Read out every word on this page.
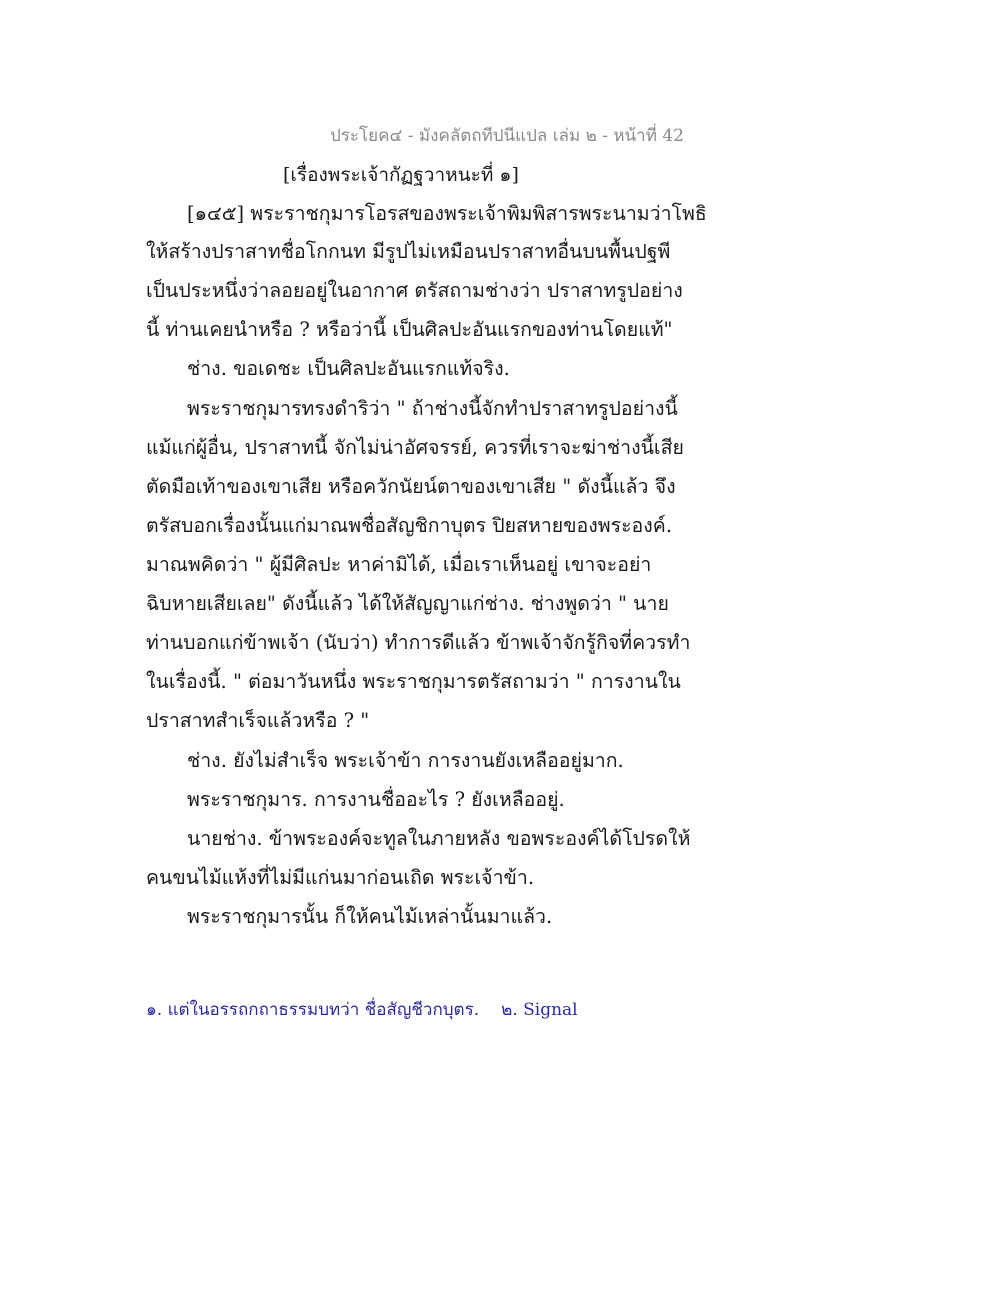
ประโยค๔ - มังคลัตถทีปนีแปล เล่ม ๒ - หน้าที่ 42
[เรื่องพระเจ้ากัฏฐวาหนะที่ ๑]
[๑๔๕] พระราชกุมารโอรสของพระเจ้าพิมพิสารพระนามว่าโพธิ
ให้สร้างปราสาทชื่อโกกนท มีรูปไม่เหมือนปราสาทอื่นบนพื้นปฐพี
เป็นประหนึ่งว่าลอยอยู่ในอากาศ ตรัสถามช่างว่า ปราสาทรูปอย่าง
นี้ ท่านเคยนำหรือ ? หรือว่านี้ เป็นศิลปะอันแรกของท่านโดยแท้"
ช่าง. ขอเดชะ เป็นศิลปะอันแรกแท้จริง.
พระราชกุมารทรงดำริว่า " ถ้าช่างนี้จักทำปราสาทรูปอย่างนี้
แม้แก่ผู้อื่น, ปราสาทนี้ จักไม่น่าอัศจรรย์, ควรที่เราจะฆ่าช่างนี้เสีย
ตัดมือเท้าของเขาเสีย หรือควักนัยน์ตาของเขาเสีย " ดังนี้แล้ว จึง
ตรัสบอกเรื่องนั้นแก่มาณพชื่อสัญชิกาบุตร ปิยสหายของพระองค์.
มาณพคิดว่า " ผู้มีศิลปะ หาค่ามิได้, เมื่อเราเห็นอยู่ เขาจะอย่า
ฉิบหายเสียเลย" ดังนี้แล้ว ได้ให้สัญญาแก่ช่าง. ช่างพูดว่า " นาย
ท่านบอกแก่ข้าพเจ้า (นับว่า) ทำการดีแล้ว ข้าพเจ้าจักรู้กิจที่ควรทำ
ในเรื่องนี้. " ต่อมาวันหนึ่ง พระราชกุมารตรัสถามว่า " การงานใน
ปราสาทสำเร็จแล้วหรือ ? "
ช่าง. ยังไม่สำเร็จ พระเจ้าข้า การงานยังเหลืออยู่มาก.
พระราชกุมาร. การงานชื่ออะไร ? ยังเหลืออยู่.
นายช่าง. ข้าพระองค์จะทูลในภายหลัง ขอพระองค์ได้โปรดให้
คนขนไม้แห้งที่ไม่มีแก่นมาก่อนเถิด พระเจ้าข้า.
พระราชกุมารนั้น ก็ให้คนไม้เหล่านั้นมาแล้ว.
๑. แต่ในอรรถกถาธรรมบทว่า ชื่อสัญชีวกบุตร. ๒. Signal
